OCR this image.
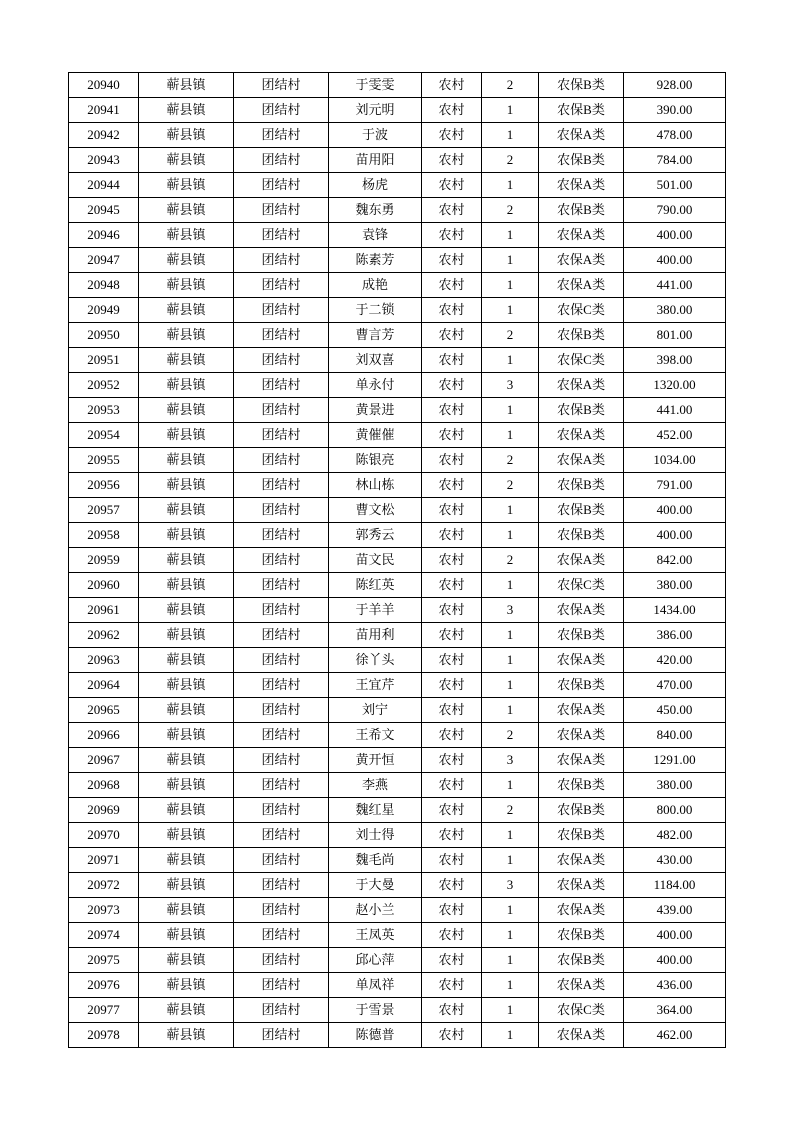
20940	蕲县镇	团结村	于雯雯	农村	2	农保B类	928.00
20941	蕲县镇	团结村	刘元明	农村	1	农保B类	390.00
20942	蕲县镇	团结村	于波	农村	1	农保A类	478.00
20943	蕲县镇	团结村	苗用阳	农村	2	农保B类	784.00
20944	蕲县镇	团结村	杨虎	农村	1	农保A类	501.00
20945	蕲县镇	团结村	魏东勇	农村	2	农保B类	790.00
20946	蕲县镇	团结村	袁锋	农村	1	农保A类	400.00
20947	蕲县镇	团结村	陈素芳	农村	1	农保A类	400.00
20948	蕲县镇	团结村	成艳	农村	1	农保A类	441.00
20949	蕲县镇	团结村	于二锁	农村	1	农保C类	380.00
20950	蕲县镇	团结村	曹言芳	农村	2	农保B类	801.00
20951	蕲县镇	团结村	刘双喜	农村	1	农保C类	398.00
20952	蕲县镇	团结村	单永付	农村	3	农保A类	1320.00
20953	蕲县镇	团结村	黄景进	农村	1	农保B类	441.00
20954	蕲县镇	团结村	黄催催	农村	1	农保A类	452.00
20955	蕲县镇	团结村	陈银亮	农村	2	农保A类	1034.00
20956	蕲县镇	团结村	林山栋	农村	2	农保B类	791.00
20957	蕲县镇	团结村	曹文松	农村	1	农保B类	400.00
20958	蕲县镇	团结村	郭秀云	农村	1	农保B类	400.00
20959	蕲县镇	团结村	苗文民	农村	2	农保A类	842.00
20960	蕲县镇	团结村	陈红英	农村	1	农保C类	380.00
20961	蕲县镇	团结村	于羊羊	农村	3	农保A类	1434.00
20962	蕲县镇	团结村	苗用利	农村	1	农保B类	386.00
20963	蕲县镇	团结村	徐丫头	农村	1	农保A类	420.00
20964	蕲县镇	团结村	王宜芹	农村	1	农保B类	470.00
20965	蕲县镇	团结村	刘宁	农村	1	农保A类	450.00
20966	蕲县镇	团结村	王希文	农村	2	农保A类	840.00
20967	蕲县镇	团结村	黄开恒	农村	3	农保A类	1291.00
20968	蕲县镇	团结村	李燕	农村	1	农保B类	380.00
20969	蕲县镇	团结村	魏红星	农村	2	农保B类	800.00
20970	蕲县镇	团结村	刘士得	农村	1	农保B类	482.00
20971	蕲县镇	团结村	魏毛尚	农村	1	农保A类	430.00
20972	蕲县镇	团结村	于大曼	农村	3	农保A类	1184.00
20973	蕲县镇	团结村	赵小兰	农村	1	农保A类	439.00
20974	蕲县镇	团结村	王凤英	农村	1	农保B类	400.00
20975	蕲县镇	团结村	邱心萍	农村	1	农保B类	400.00
20976	蕲县镇	团结村	单凤祥	农村	1	农保A类	436.00
20977	蕲县镇	团结村	于雪景	农村	1	农保C类	364.00
20978	蕲县镇	团结村	陈德普	农村	1	农保A类	462.00
